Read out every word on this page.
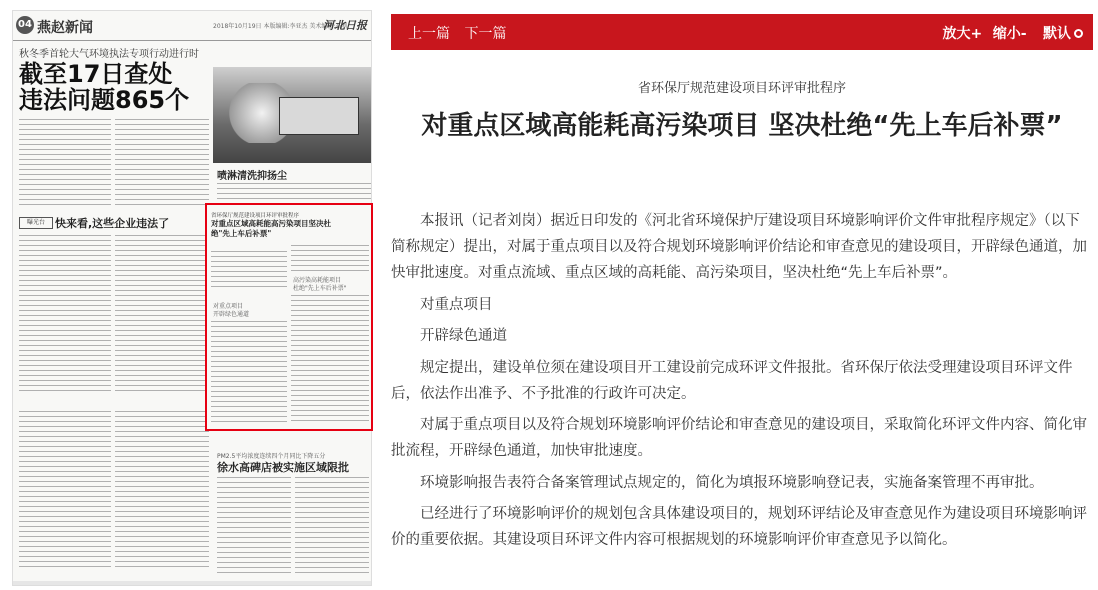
04 燕赵新闻	2018年10月19日 本版编辑:李亚杰 美术编辑:石利
河北日报
秋冬季首轮大气环境执法专项行动进行时
截至17日查处
违法问题865个
喷淋清洗抑扬尘
曝光台 快来看,这些企业违法了
PM2.5平均浓度连续四个月同比下降五分
徐水高碑店被实施区域限批
省环保厅规范建设项目环评审批程序
对重点区域高耗能高污染项目坚决杜绝"先上车后补票"
高污染高耗能项目
杜绝"先上车后补票"
对重点项目
开辟绿色通道
上一篇 下一篇	放大+ 缩小- 默认
省环保厅规范建设项目环评审批程序
对重点区域高能耗高污染项目 坚决杜绝“先上车后补票”

本报讯（记者刘岗）据近日印发的《河北省环境保护厅建设项目环境影响评价文件审批程序规定》（以下简称规定）提出，对属于重点项目以及符合规划环境影响评价结论和审查意见的建设项目，开辟绿色通道，加快审批速度。对重点流域、重点区域的高耗能、高污染项目，坚决杜绝“先上车后补票”。

对重点项目

开辟绿色通道

规定提出，建设单位须在建设项目开工建设前完成环评文件报批。省环保厅依法受理建设项目环评文件后，依法作出准予、不予批准的行政许可决定。

对属于重点项目以及符合规划环境影响评价结论和审查意见的建设项目，采取简化环评文件内容、简化审批流程，开辟绿色通道，加快审批速度。

环境影响报告表符合备案管理试点规定的，简化为填报环境影响登记表，实施备案管理不再审批。

已经进行了环境影响评价的规划包含具体建设项目的，规划环评结论及审查意见作为建设项目环境影响评价的重要依据。其建设项目环评文件内容可根据规划的环境影响评价审查意见予以简化。
